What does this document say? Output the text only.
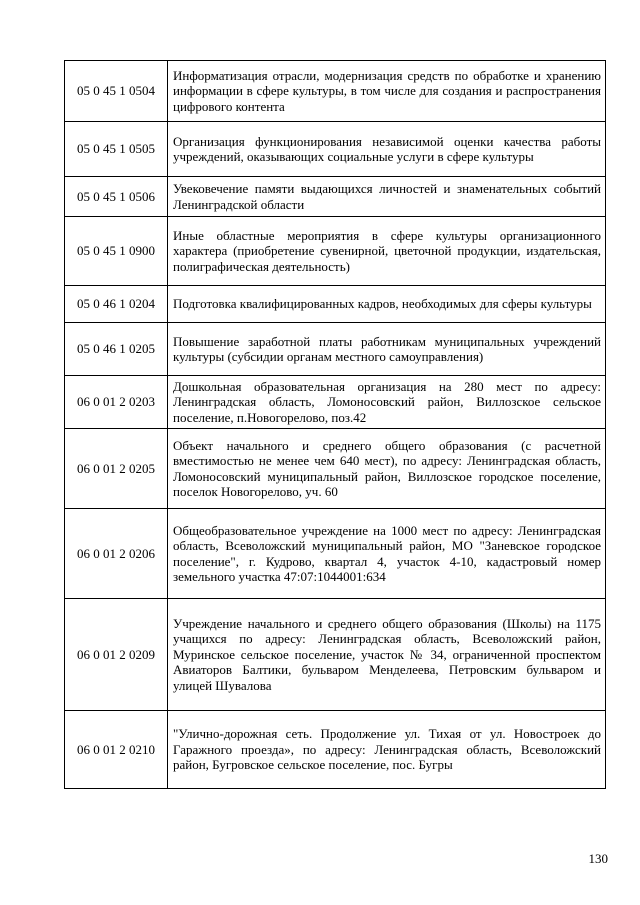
05 0 45 1 0504	Информатизация отрасли, модернизация средств по обработке и хранению информации в сфере культуры, в том числе для создания и распространения цифрового контента
05 0 45 1 0505	Организация функционирования независимой оценки качества работы учреждений, оказывающих социальные услуги в сфере культуры
05 0 45 1 0506	Увековечение памяти выдающихся личностей и знаменательных событий Ленинградской области
05 0 45 1 0900	Иные областные мероприятия в сфере культуры организационного характера (приобретение сувенирной, цветочной продукции, издательская, полиграфическая деятельность)
05 0 46 1 0204	Подготовка квалифицированных кадров, необходимых для сферы культуры
05 0 46 1 0205	Повышение заработной платы работникам муниципальных учреждений культуры (субсидии органам местного самоуправления)
06 0 01 2 0203	Дошкольная образовательная организация на 280 мест по адресу: Ленинградская область, Ломоносовский район, Виллозское сельское поселение, п.Новогорелово, поз.42
06 0 01 2 0205	Объект начального и среднего общего образования (с расчетной вместимостью не менее чем 640 мест), по адресу: Ленинградская область, Ломоносовский муниципальный район, Виллозское городское поселение, поселок Новогорелово, уч. 60
06 0 01 2 0206	Общеобразовательное учреждение на 1000 мест по адресу: Ленинградская область, Всеволожский муниципальный район, МО "Заневское городское поселение", г. Кудрово, квартал 4, участок 4-10, кадастровый номер земельного участка 47:07:1044001:634
06 0 01 2 0209	Учреждение начального и среднего общего образования (Школы) на 1175 учащихся по адресу: Ленинградская область, Всеволожский район, Муринское сельское поселение, участок № 34, ограниченной проспектом Авиаторов Балтики, бульваром Менделеева, Петровским бульваром и улицей Шувалова
06 0 01 2 0210	"Улично-дорожная сеть. Продолжение ул. Тихая от ул. Новостроек до Гаражного проезда», по адресу: Ленинградская область, Всеволожский район, Бугровское сельское поселение, пос. Бугры
130
